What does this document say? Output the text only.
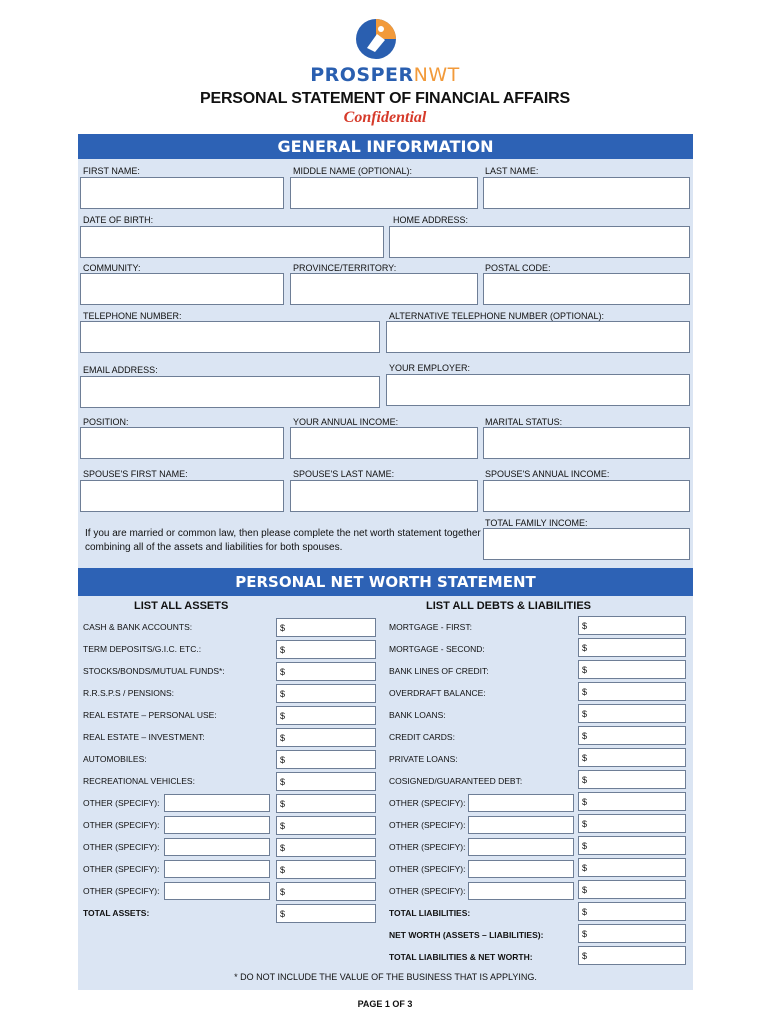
PROSPERNWT
PERSONAL STATEMENT OF FINANCIAL AFFAIRS
Confidential
GENERAL INFORMATION
FIRST NAME:	MIDDLE NAME (OPTIONAL):	LAST NAME:
DATE OF BIRTH:	HOME ADDRESS:
COMMUNITY:	PROVINCE/TERRITORY:	POSTAL CODE:
TELEPHONE NUMBER:	ALTERNATIVE TELEPHONE NUMBER (OPTIONAL):
EMAIL ADDRESS:	YOUR EMPLOYER:
POSITION:	YOUR ANNUAL INCOME:	MARITAL STATUS:
SPOUSE'S FIRST NAME:	SPOUSE'S LAST NAME:	SPOUSE'S ANNUAL INCOME:
If you are married or common law, then please complete the net worth statement together combining all of the assets and liabilities for both spouses.
TOTAL FAMILY INCOME:
PERSONAL NET WORTH STATEMENT
LIST ALL ASSETS	LIST ALL DEBTS & LIABILITIES
* DO NOT INCLUDE THE VALUE OF THE BUSINESS THAT IS APPLYING.
CASH & BANK ACCOUNTS:	$
TERM DEPOSITS/G.I.C. ETC.:	$
STOCKS/BONDS/MUTUAL FUNDS*:	$
R.R.S.P.S / PENSIONS:	$
REAL ESTATE – PERSONAL USE:	$
REAL ESTATE – INVESTMENT:	$
AUTOMOBILES:	$
RECREATIONAL VEHICLES:	$
OTHER (SPECIFY):	$
OTHER (SPECIFY):	$
OTHER (SPECIFY):	$
OTHER (SPECIFY):	$
OTHER (SPECIFY):	$
TOTAL ASSETS:	$
MORTGAGE - FIRST:	$
MORTGAGE - SECOND:	$
BANK LINES OF CREDIT:	$
OVERDRAFT BALANCE:	$
BANK LOANS:	$
CREDIT CARDS:	$
PRIVATE LOANS:	$
COSIGNED/GUARANTEED DEBT:	$
OTHER (SPECIFY):	$
OTHER (SPECIFY):	$
OTHER (SPECIFY):	$
OTHER (SPECIFY):	$
OTHER (SPECIFY):	$
TOTAL LIABILITIES:	$
NET WORTH (ASSETS – LIABILITIES):	$
TOTAL LIABILITIES & NET WORTH:	$
PAGE 1 OF 3
